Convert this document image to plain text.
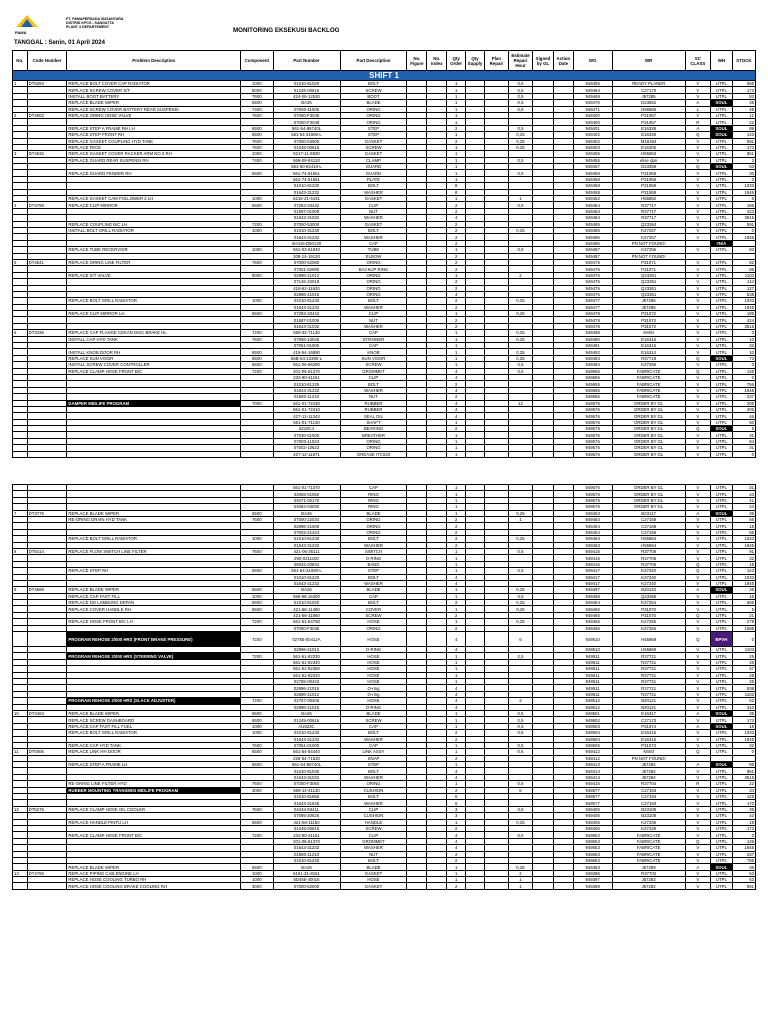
PAMA
PT. PAMAPERSADA NUSANTARA
DISTRIK KPCS - SANGATTA
PLANT 3 DEPARTEMENT	MONITORING EKSEKUSI BACKLOG
TANGGAL : Senin, 01 April 2024
No.	Code Number	Problem Description	Component	Part Number	Part Description	No. Figure	No. Index	Qty Order	Qty Supply	Plan Repair	Estimate Repair Hour	Signed by GL	Action Date	WO	WR	SC CLASS	WH	STOCK
SHIFT 1																		
1	DT5293	REPLACE BOLT COVER CAP RADIATOR	1000	01010-81020	BOLT			1			0,5			949455	READY PLANER	V	UTPL	656
		REPLACE SCREW COVER S/T	5000	01245-00616	SCREW			1			0,5			949464	C27170	V	UTPL	173
		INSTALL BOOT BATTERY	7600	424-08-12530	BOOT			1			0,5			949469	J57285	V	UTPL	83
		REPLACE BLADE WIPER	6500	BA26	BLADE			1			0,5			949470	D23562	A	SOUL	35
		REPLACE SCREW COVER BATTERY REAR SUSPENSI	7400	07000-11006	ORING			1			0,5			949471	H55865	L	UTPL	48
2	DT4602	REPLACE ORING HOSE VALVE	7600	07000-F3046	ORING			1						949400	P31057	V	UTPL	11
				07000-F3048	ORING			1						949400	P31057	R	UTPL	22
		REPLACE STEP A FRAME RH LH	6500	561-54-86740L	STEP			2			0,5			949401	E16338	A	SOUL	89
		REPLACE STEP FRONT RH	6500	561-54-31690-L	STEP			1			0,25			949402	E16338	Q	SOUL	143
		REPLACE GASKET COUPLING HYD TANK	7600	07000-53000	GASKET			2			0,25			949402	M16464	V	UTPL	591
		REPLACE FECE	7600	01245-00616	SCREW			1			0,25			949403	E16305	V	UTPL	173
3	DT4632	REPLACE GASKET COVER RACKER ARM NO 3 RH	1000	6217-11-8830	GASKET			1						949455	H55863	V	UTPL	851
		REPLACE GUARD REAR SUSPENSI RH	7400	569-09-84120	CLAMP			1			0,5			949456	elise dpn	V	UTPL	3
				561-50-82410-L	GUARD			1						949457	D23359	Q	SOUL	53
		REPLACE GUARD FENDER RH	6500	561-74-61651	GUARD			1			0,5			949458	P31068	V	UTPL	30
				561-74-61651	PLATE			1						949458	P31068	V	UTPL	0
				01010-81230	BOLT			8						949458	P31068	V	UTPL	1033
				01643-31232	WASHER			8						949458	P31068	V	UTPL	1945
		REPLACE GASKET CAM FOLLOWER 2 LH	1000	6215-21-6431	GASKET			1			1			949462	H55862	V	UTPL	6
4	DT4799	REPLACE CLIP MIRROR	6500	07283-33442	CLIP			2			0,5			949484	R37717	V	UTPL	185
				01597-01009	NUT			2						949484	R37717	V	UTPL	424
				01643-31032	WASHER			4						949484	R37717	V	UTPL	3515
		REPLACE COUPLING B/C LH	7200	07000-53000	GASKET			2						949485	Q23364	V	UTPL	591
		INSTALL BOLT GRILL RADIATOR	1000	01010-31230	BOLT			2			0,25			949486	K27257	V	UTPL	0
				01643-31232	WASHER			2						949486	K27257	V	UTPL	1945
				6H415-D50120	CAP			2						949486	PN NOT FOUND!		#N/A	
		REPLACE TUBE RECERVOIR	1000	561-03-61940	TUBE			1			0,5			949487	K27256	V	UTPL	83
				208-14-19120	ELBOW			2						949487	PN NOT FOUND!			
5	DT4541	REPLACE ORING LINE FILTER	7600	07000-52060	ORING			2						949475	P31071	V	UTPL	82
				07001-02090	BACKUP RING			2						949475	P31071	V	UTPL	85
		REPLACE S/T VALVE	5000	02896-21012	ORING			1			2			949476	Q23361	V	UTPL	1103
				07146-22018	ORING			2						949476	Q23361	V	UTPL	144
				418-62-11620	ORING			2						949476	Q23361	V	UTPL	127
				02896-21016	ORING			4						949476	Q23361	V	UTPL	538
		REPLACE BOLT GRILL RADIATOR	1000	01010-81230	BOLT			2			0,25			949477	J57296	V	UTPL	1033
				01643-31232	WASHER			2						949477	J57296	V	UTPL	1945
		REPLACE CLIP MIRROR LH	6500	07283-33442	CLIP			1			0,25			949478	P31072	V	UTPL	185
				01597-01009	NUT			2						949478	P31072	V	UTPL	424
				01643-31032	WASHER			2						949478	P31072	V	UTPL	3515
6	DT3436	REPLACE CAP FLANGE CEKAN DISC BRAKE HL	7200	569-32-71130	CAP			1			0,25			949489	KMSI	V	UTPL	0
		INSTALL CAP HYD TANK	7600	07056-10045	STRAINER			1			0,25			949490	E16315	V	UTPL	10
				07051-01000	CAP			1						949491	E16315	V	UTPL	32
		INSTALL KNOB DOOR RH	6500	419-54-16890	KNOB			1			0,25			949492	E16314	V	UTPL	10
		REPLACE SUN VISOR	6500	56B-54-13390-L	SUN VISOR			1			0,25			949493	R37719	Q	SOUL	73
		INSTALL SCREW COVER CONTROLLER	6500	561-06-86280	SCREW			1			0,5			949494	K27258	V	UTPL	0
		REPLACE CLAMP HOSE FRONT B/C	7200	201-06-61370	GROMMET			4			0,5			949655	FABRICATE	Q	UTPL	126
				232-80-41161	CLIP			4						949655	FABRICATE	V	UTPL	0
				01010-81225	BOLT			2						949655	FABRICATE	V	UTPL	756
				01643-31232	WASHER			4						949655	FABRICATE	V	UTPL	1945
				01580-11210	NUT			2						949655	FABRICATE	V	UTPL	237
		DAMPER MIDLIFE PROGRAM	7000	561-01-72430	RUBBER			4			12			949576	ORDER BY GL	V	UTPL	206
				561-01-72410	RUBBER			4						949576	ORDER BY GL	V	UTPL	206
				427-12-11343	SEAL OIL			4						949576	ORDER BY GL	V	UTPL	46
				561-01-71140	SHAFT			1						949576	ORDER BY GL	V	UTPL	50
				6219C4	BEARING			2						949576	ORDER BY GL	Q	SOUL	6
				07030-01000	BREATHER			1						949576	ORDER BY GL	V	UTPL	31
				07000-11023	ORING			1						949576	ORDER BY GL	V	UTPL	94
				07002-10623	ORING			1						949576	ORDER BY GL	V	UTPL	31
				427-12-11871	GREASE ITC020			1						949576	ORDER BY GL	V	UTPL	0

				561-01-71370	CAP			1						949576	ORDER BY GL	V	UTPL	31
				04065-01050	RING			1						949576	ORDER BY GL	V	UTPL	43
				04071-00170	RING			1						949576	ORDER BY GL	V	UTPL	41
				04064-03030	RING			1						949576	ORDER BY GL	V	UTPL	24
7	DT3779	REPLACE BLADE WIPER	6500	BA26	BLADE			1			0,25			949453	B23117	A	SOUL	35
		RE-ORING DRAIN HYD TANK	7600	07000-22034	ORING			2			1			949454	C27168	V	UTPL	56
				02896-21008	ORING			2						949454	C27168	V	UTPL	18
				07002-21423	ORING			2						949454	C27168	V	UTPL	56
		REPLACE BOLT GRILL RADIATOR	1000	01010-81230	BOLT			2			0,25			949463	H55864	V	UTPL	1033
				01643-31232	WASHER			2						949463	H55864	V	UTPL	1945
8	DT5414	REPLACE FLOW SWITCH LINE FILTER	7600	421-06-35111	SWITCH			1			0,5			949416	R37706	V	UTPL	91
				290-0211150	O-RING			1						949416	R37706	V	UTPL	32
				08034-20834	BAND			1						949416	R37706	Q	UTPL	18
		REPLACE STEP RH	6500	561-54-31690-L	STEP			1			0,5			949417	K27240	Q	UTPL	143
				01010-81220	BOLT			4						949417	K27240	V	UTPL	1033
				01643-31232	WASHER			4						949417	K27240	V	UTPL	1945
9	DT4669	REPLACE BLADE WIPER	6500	BA26	BLADE			1			0,25			949497	B20120	A	SOUL	35
		REPLACE CAP FAST FILL	1000	566-98-15300	CAP			1			0,5			949498	Q23365	V	UTPL	16
		REPLACE NO LAMBUNG DEPAN	6500	01010-81020	BOLT			2			0,25			949464	K27254	V	UTPL	656
		REPLACE COVER HANDLE RH	6500	421-56-11460	COVER			1			0,25			949465	P31070	V	UTPL	5
				421-56-11860	SCREW			2						949465	P31070	Q	UTPL	21
		REPLACE HOSE FRONT B/C LH	7200	561-61-84750	HOSE			1			0,25			949466	K27255	V	UTPL	279
				07000-F3036	ORING			2						949466	K27255	V	UTPL	1588
		PROGRAM REHOSE 2/000 HRS (FRONT BRAKE PRESSURE)	7200	02765-00412A	HOSE			4			6			949510	H55869	Q	BPVH	0
				02896-21012	O-RING			4						949510	H55869	V	UTPL	1103
		PROGRAM REHOSE 2/000 HRS (STEERING VALVE)	7200	561-61-82330	HOSE			1			2,5			949511	R37721	V	UTPL	25
				561-61-82340	HOSE			1						949511	R37721	V	UTPL	26
				561-61-82350	HOSE			1						949511	R37721	V	UTPL	27
				561-61-82310	HOSE			1						949511	R37721	V	UTPL	28
				02765-00422	HOSE			1						949511	R37721	V	UTPL	25
				02896-21016	O-ring			4						949511	R37721	V	UTPL	538
				02896-21012	O-ring			4						949511	R37721	V	UTPL	1103
		PROGRAM REHOSE 2/000 HRS (SLACK ADJUSTER)	7200	02767-00406	HOSE			4			2			949512	B20121	V	UTPL	52
				02896-21015	O-RING			4						949512	B20121	V	UTPL	310
10	DT3463	REPLACE BLADE WIPER	6500	BA26	BLADE			1			0,5			949501	E16317	A	SOUL	35
		REPLACE SCREW DASHBOARD	6500	01245-00616	SCREW			1			0,5			949502	C27173	V	UTPL	173
		REPLACE CAP FAST FILL FUEL	1000	AU523C	CAP			1			0,5			949503	P31074	A	SOUL	18
		REPLACE BOLT GRILL RADIATOR	1000	01010-81230	BOLT			2			0,5			949504	E16316	V	UTPL	1033
				01643-31232	WASHER			2						949504	E16316	V	UTPL	1945
		REPLACE CAP HYD TANK	7600	07051-01000	CAP			1			0,5			949505	P31073	V	UTPL	32
11	DT0006	REPLACE LINK HH DOOR	6500	561-54-84440	LINK ASSY			1			0,5			949412	KMSI	Q	UTPL	0
				228-54-71630	SNAP			2						949412	PN NOT FOUND!			
		REPLACE STEP A FRAME LH	6500	561-54-86740L	STEP			1						949413	J57284	A	SOUL	89
				01010-81030	BOLT			4						949414	J57284	V	UTPL	851
				01643-31032	WASHER			4						949414	J57284	V	UTPL	3515
		RE-ORING LINE FILTER HYD	7600	07000-F3060	ORING			1			0,5			949415	R37704	R	UTPL	22
		RUBBER MOUNTING TRANSMISI MIDLIFE PROGRAM	3000	569-14-41130	CUSHION			2			6			949577	C27193	V	UTPL	34
				01010-81655	BOLT			6						949577	C27193	V	UTPL	129
				01643-31645	WASHER			6						949577	C27193	V	UTPL	170
12	DT5275	REPLACE CLAMP HOSE OIL COOLER	7600	04434-53411	CLIP			3			0,5			949405	B23108	V	UTPL	35
				07095-20625	CUSHION			3						949405	B23108	V	UTPL	42
		REPLACE HANDLE PINTU LH	6500	421-56-11150	HANDLE			1			0,25			949406	K27239	V	UTPL	19
				01245-00616	SCREW			2						949406	K27239	V	UTPL	173
		REPLACE CLAMP HOSE FRONT B/C	7200	232-80-41161	CLIP			4			0,5			949653	FABRICATE	V	UTPL	0
				201-06-61370	GROMMET			4						949653	FABRICATE	Q	UTPL	126
				01643-31232	WASHER			4						949653	FABRICATE	V	UTPL	1945
				01580-11210	NUT			2						949653	FABRICATE	V	UTPL	237
				01010-81225	BOLT			2						949653	FABRICATE	V	UTPL	756
		REPLACE BLADE WIPER	6500	BA26	BLADE			1			0,25			949483	J57289	A	SOUL	35
13	DT4765	REPLACE PIPING CAB ENGINE LH	1000	6151-31-8151	GASKET			1			2			949396	R37702	V	UTPL	63
		REPLACE HOSE COOLING TURBO RH	1000	6D465-40016	HOSE			1			1			949397	J57283	V	UTPL	63
		REPLACE HOSE COOLING BRAKE COOLING RH	3000	07000-52000	GASKET			2			1			949398	J57282	V	UTPL	591
